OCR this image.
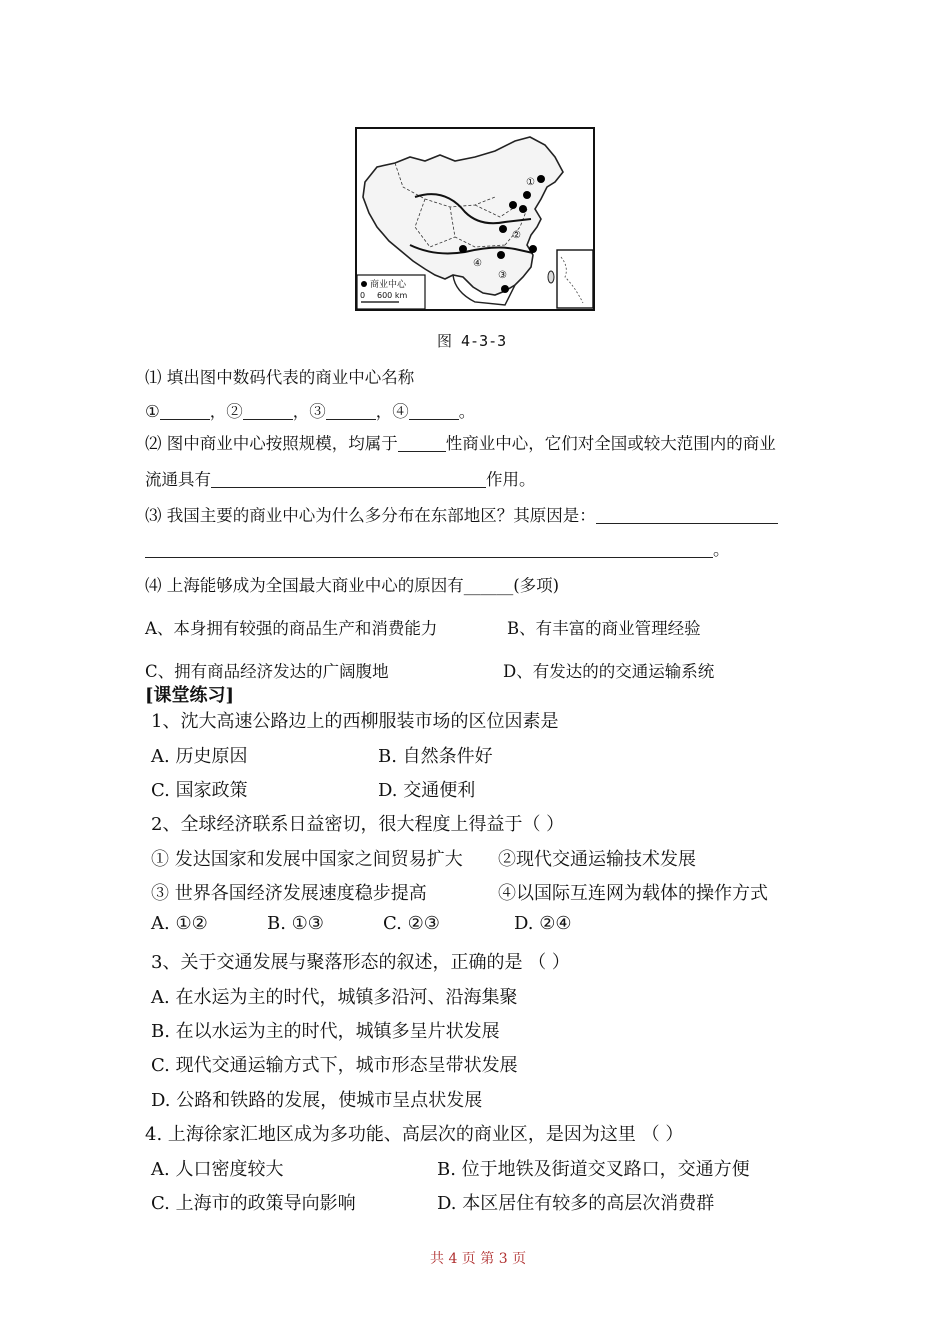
①
②
③
④
商业中心
0 600 km
图 4-3-3
⑴ 填出图中数码代表的商业中心名称
①	，②	，③	，④	。
⑵ 图中商业中心按照规模，均属于	性商业中心，它们对全国或较大范围内的商业
流通具有	作用。
⑶ 我国主要的商业中心为什么多分布在东部地区？其原因是：
。
⑷ 上海能够成为全国最大商业中心的原因有______(多项)
A、本身拥有较强的商品生产和消费能力	B、有丰富的商业管理经验
C、拥有商品经济发达的广阔腹地	D、有发达的的交通运输系统
[课堂练习]
1、沈大高速公路边上的西柳服装市场的区位因素是
A. 历史原因	B. 自然条件好
C. 国家政策	D. 交通便利
2、全球经济联系日益密切，很大程度上得益于（ ）
① 发达国家和发展中国家之间贸易扩大 ②现代交通运输技术发展
③ 世界各国经济发展速度稳步提高	④以国际互连网为载体的操作方式
A. ①②	B. ①③	C. ②③	D. ②④
3、关于交通发展与聚落形态的叙述，正确的是 （ ）
A. 在水运为主的时代，城镇多沿河、沿海集聚
B. 在以水运为主的时代，城镇多呈片状发展
C. 现代交通运输方式下，城市形态呈带状发展
D. 公路和铁路的发展，使城市呈点状发展
4. 上海徐家汇地区成为多功能、高层次的商业区，是因为这里 （ ）
A. 人口密度较大	B. 位于地铁及街道交叉路口，交通方便
C. 上海市的政策导向影响	D. 本区居住有较多的高层次消费群
共 4 页 第 3 页
